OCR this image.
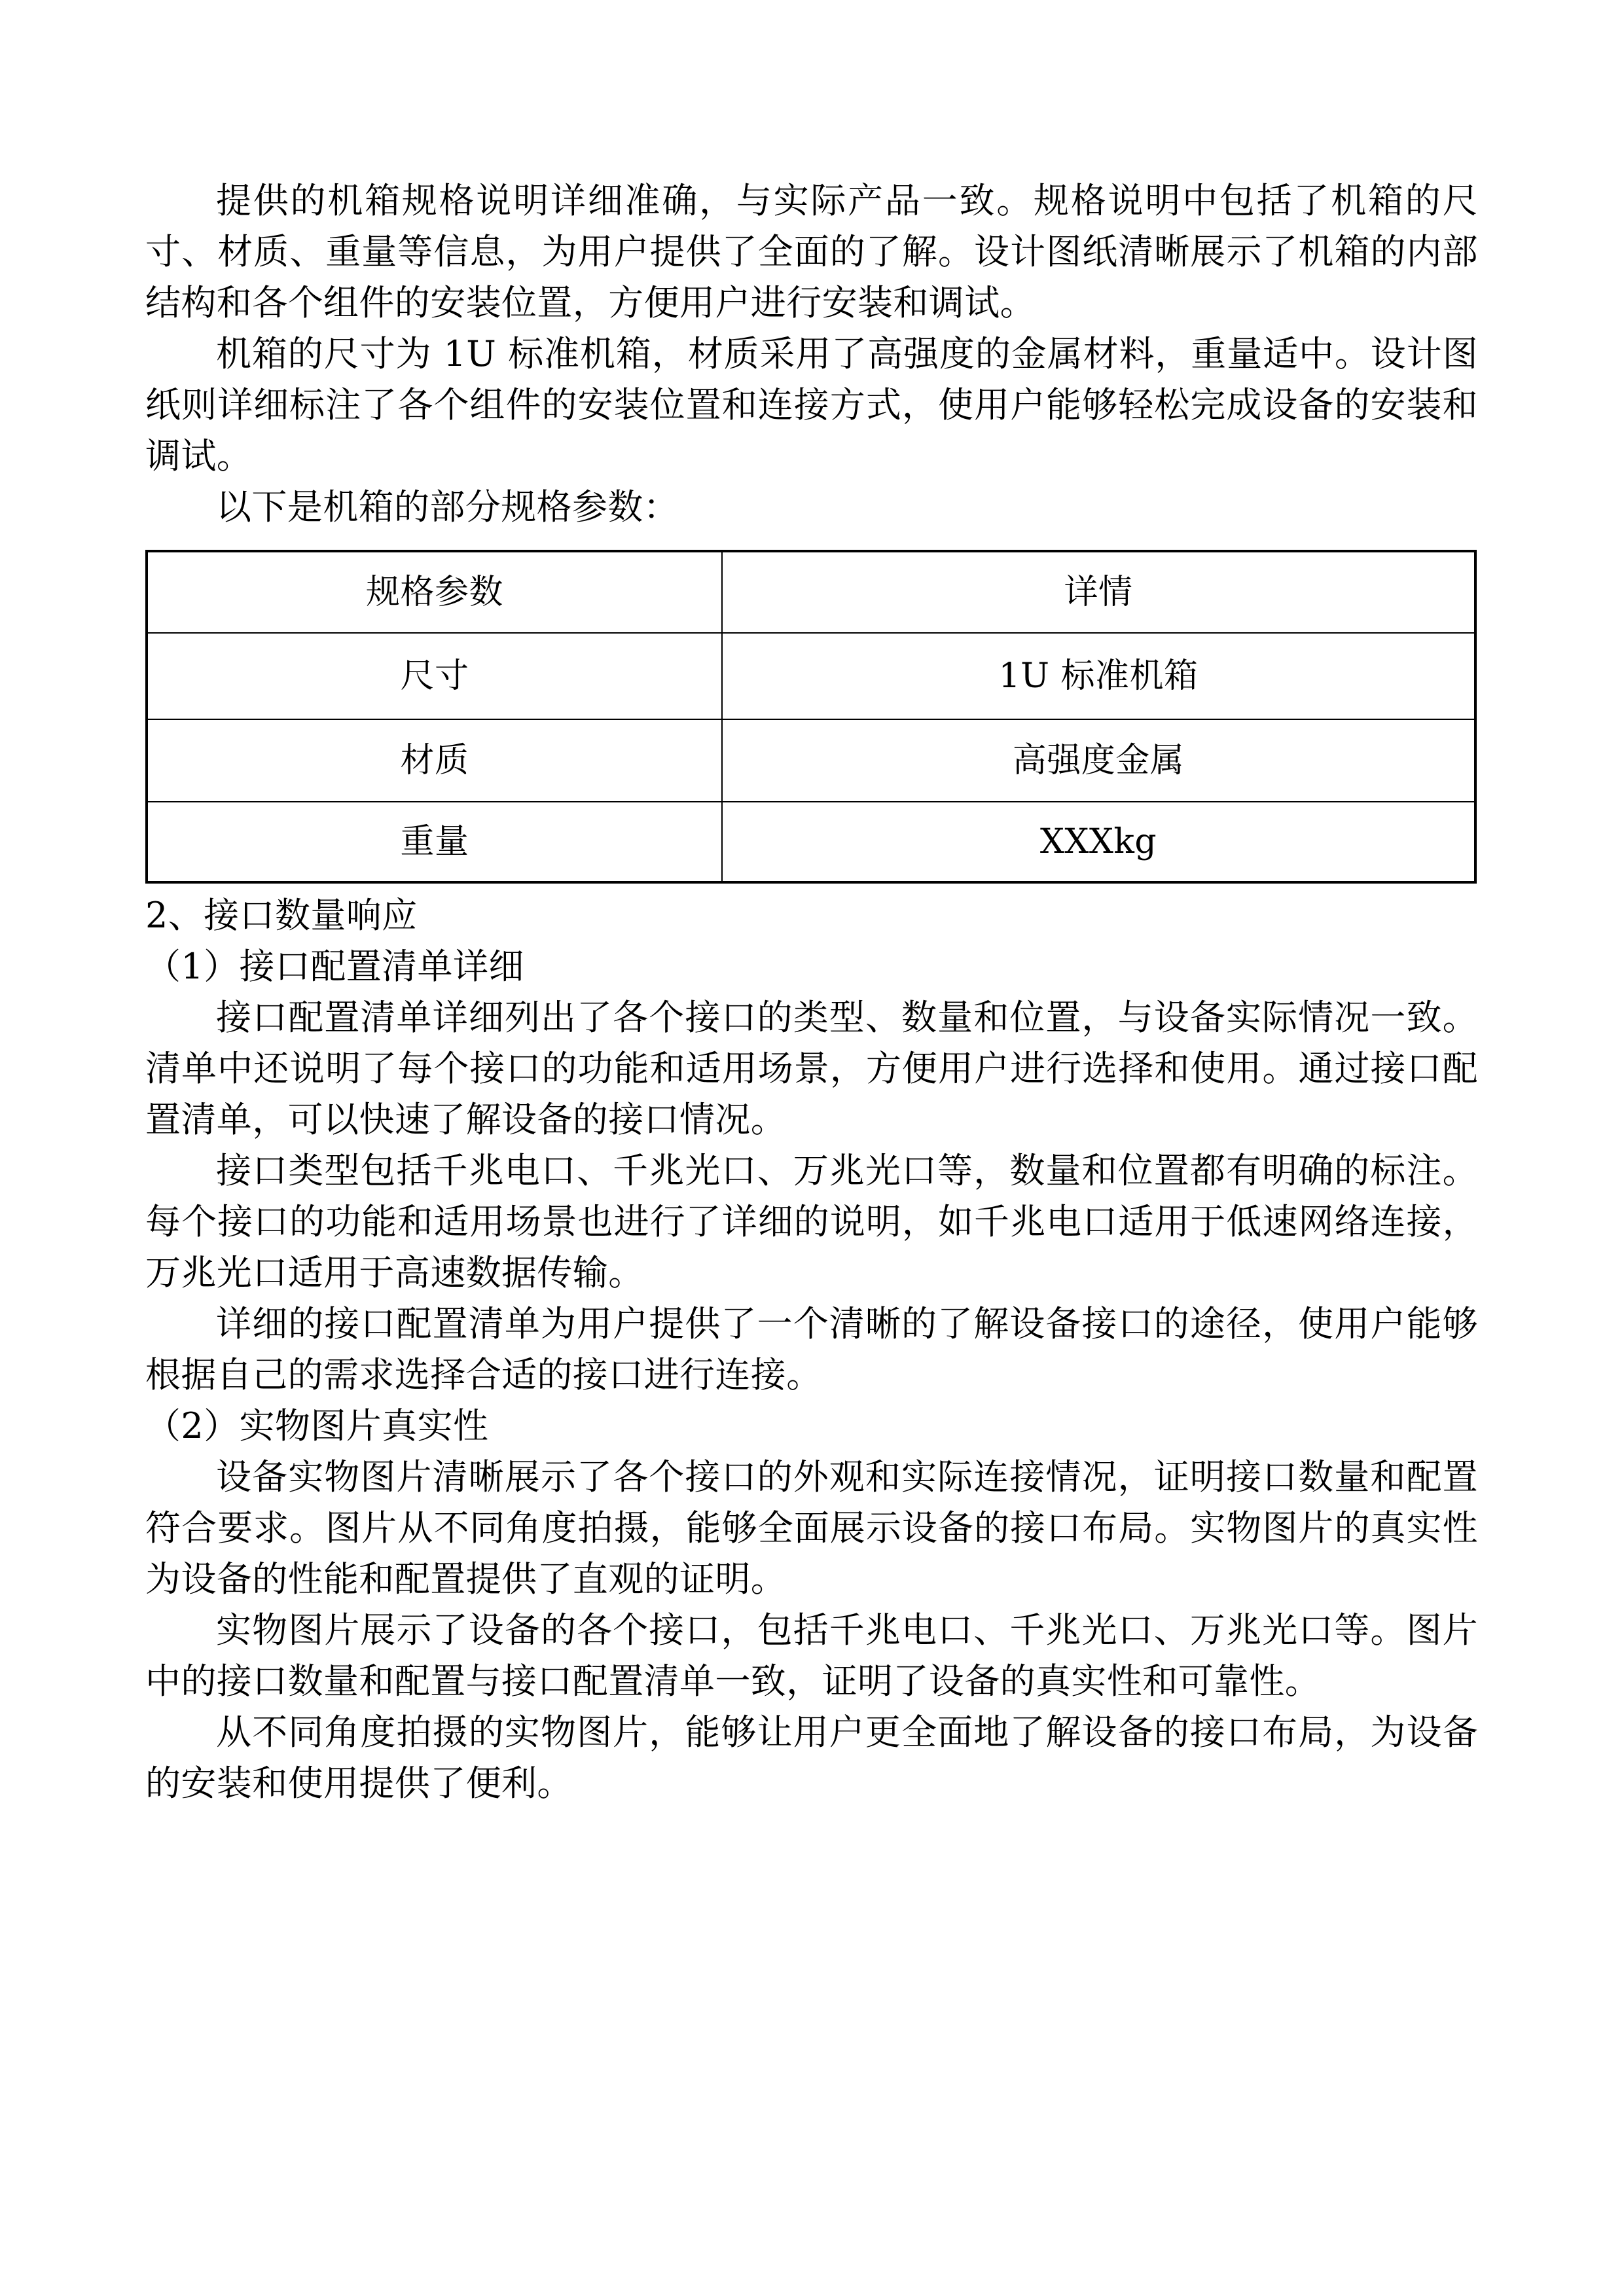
提供的机箱规格说明详细准确，与实际产品一致。规格说明中包括了机箱的尺寸、材质、重量等信息，为用户提供了全面的了解。设计图纸清晰展示了机箱的内部结构和各个组件的安装位置，方便用户进行安装和调试。

机箱的尺寸为 1U 标准机箱，材质采用了高强度的金属材料，重量适中。设计图纸则详细标注了各个组件的安装位置和连接方式，使用户能够轻松完成设备的安装和调试。

以下是机箱的部分规格参数：

规格参数	详情
尺寸	1U 标准机箱
材质	高强度金属
重量	XXXkg

2、接口数量响应

（1）接口配置清单详细

接口配置清单详细列出了各个接口的类型、数量和位置，与设备实际情况一致。清单中还说明了每个接口的功能和适用场景，方便用户进行选择和使用。通过接口配置清单，可以快速了解设备的接口情况。

接口类型包括千兆电口、千兆光口、万兆光口等，数量和位置都有明确的标注。每个接口的功能和适用场景也进行了详细的说明，如千兆电口适用于低速网络连接，万兆光口适用于高速数据传输。

详细的接口配置清单为用户提供了一个清晰的了解设备接口的途径，使用户能够根据自己的需求选择合适的接口进行连接。

（2）实物图片真实性

设备实物图片清晰展示了各个接口的外观和实际连接情况，证明接口数量和配置符合要求。图片从不同角度拍摄，能够全面展示设备的接口布局。实物图片的真实性为设备的性能和配置提供了直观的证明。

实物图片展示了设备的各个接口，包括千兆电口、千兆光口、万兆光口等。图片中的接口数量和配置与接口配置清单一致，证明了设备的真实性和可靠性。

从不同角度拍摄的实物图片，能够让用户更全面地了解设备的接口布局，为设备的安装和使用提供了便利。
